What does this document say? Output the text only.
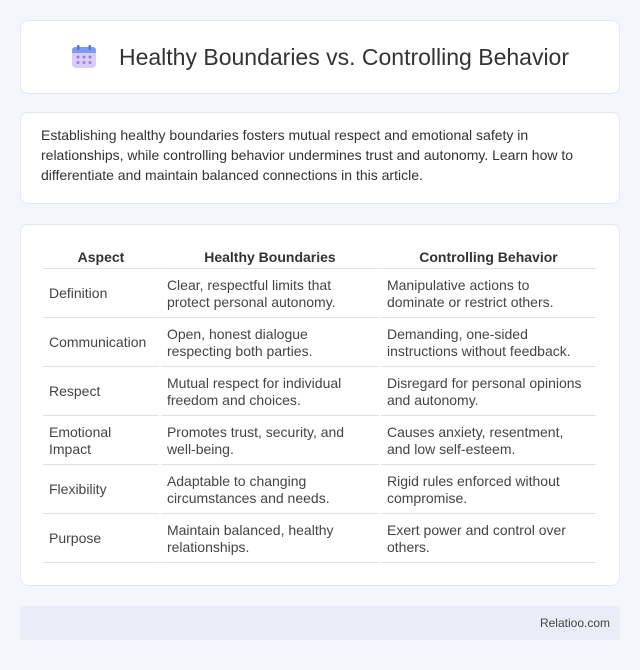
Healthy Boundaries vs. Controlling Behavior

Establishing healthy boundaries fosters mutual respect and emotional safety in relationships, while controlling behavior undermines trust and autonomy. Learn how to differentiate and maintain balanced connections in this article.

Aspect	Healthy Boundaries	Controlling Behavior
Definition	Clear, respectful limits that protect personal autonomy.	Manipulative actions to dominate or restrict others.
Communication	Open, honest dialogue respecting both parties.	Demanding, one-sided instructions without feedback.
Respect	Mutual respect for individual freedom and choices.	Disregard for personal opinions and autonomy.
Emotional Impact	Promotes trust, security, and well-being.	Causes anxiety, resentment, and low self-esteem.
Flexibility	Adaptable to changing circumstances and needs.	Rigid rules enforced without compromise.
Purpose	Maintain balanced, healthy relationships.	Exert power and control over others.
Relatioo.com
